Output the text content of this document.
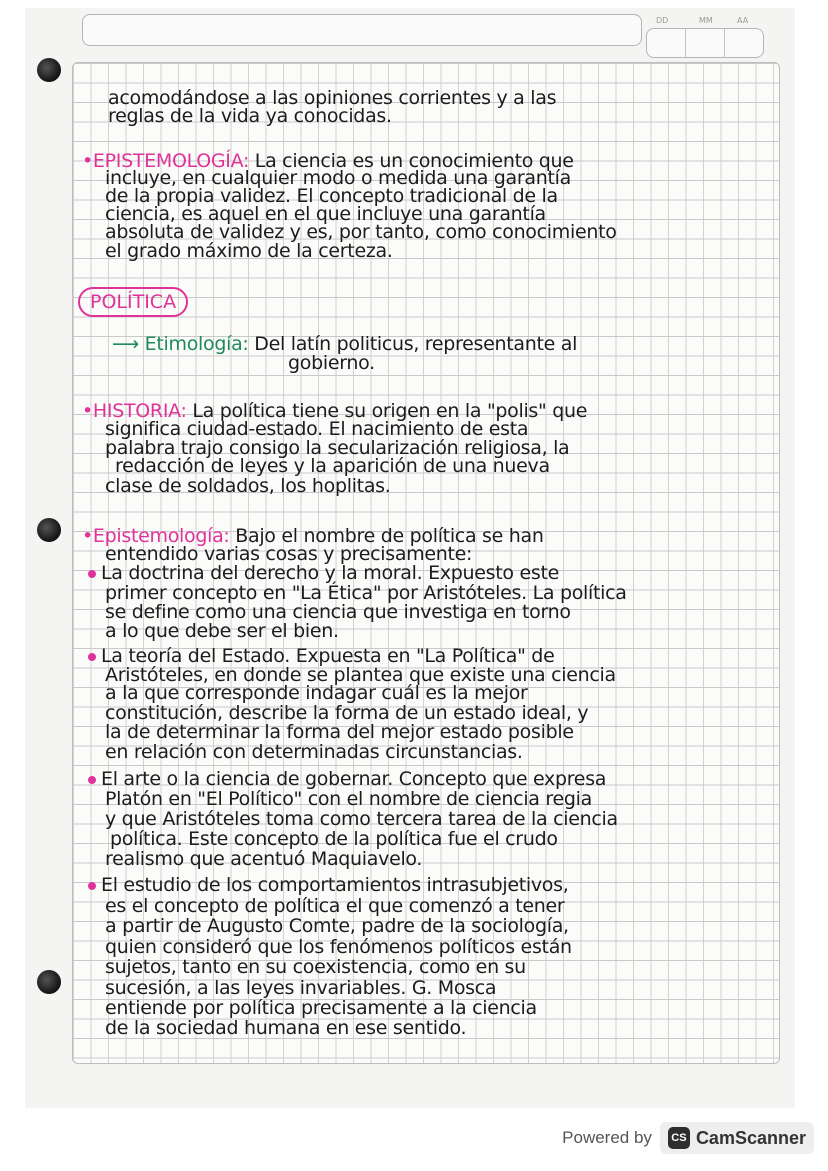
DD	MM	AA
POLÍTICA
acomodándose a las opiniones corrientes y a las
reglas de la vida ya conocidas.
•EPISTEMOLOGÍA: La ciencia es un conocimiento que
incluye, en cualquier modo o medida una garantía
de la propia validez. El concepto tradicional de la
ciencia, es aquel en el que incluye una garantía
absoluta de validez y es, por tanto, como conocimiento
el grado máximo de la certeza.
⟶ Etimología: Del latín politicus, representante al
gobierno.
•HISTORIA: La política tiene su origen en la "polis" que
significa ciudad-estado. El nacimiento de esta
palabra trajo consigo la secularización religiosa, la
redacción de leyes y la aparición de una nueva
clase de soldados, los hoplitas.
•Epistemología: Bajo el nombre de política se han
entendido varias cosas y precisamente:
La doctrina del derecho y la moral. Expuesto este
primer concepto en "La Ética" por Aristóteles. La política
se define como una ciencia que investiga en torno
a lo que debe ser el bien.
La teoría del Estado. Expuesta en "La Política" de
Aristóteles, en donde se plantea que existe una ciencia
a la que corresponde indagar cuál es la mejor
constitución, describe la forma de un estado ideal, y
la de determinar la forma del mejor estado posible
en relación con determinadas circunstancias.
El arte o la ciencia de gobernar. Concepto que expresa
Platón en "El Político" con el nombre de ciencia regia
y que Aristóteles toma como tercera tarea de la ciencia
política. Este concepto de la política fue el crudo
realismo que acentuó Maquiavelo.
El estudio de los comportamientos intrasubjetivos,
es el concepto de política el que comenzó a tener
a partir de Augusto Comte, padre de la sociología,
quien consideró que los fenómenos políticos están
sujetos, tanto en su coexistencia, como en su
sucesión, a las leyes invariables. G. Mosca
entiende por política precisamente a la ciencia
de la sociedad humana en ese sentido.
Powered by	CS CamScanner
